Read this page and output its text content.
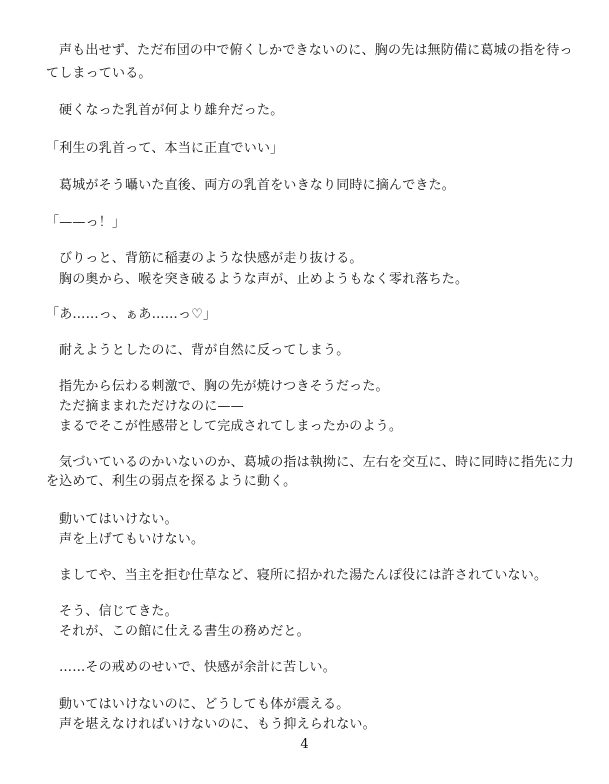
声も出せず、ただ布団の中で俯くしかできないのに、胸の先は無防備に葛城の指を待っ
てしまっている。
硬くなった乳首が何より雄弁だった。
「利生の乳首って、本当に正直でいい」
葛城がそう囁いた直後、両方の乳首をいきなり同時に摘んできた。
「——っ！」
びりっと、背筋に稲妻のような快感が走り抜ける。
胸の奥から、喉を突き破るような声が、止めようもなく零れ落ちた。
「あ……っ、ぁあ……っ♡」
耐えようとしたのに、背が自然に反ってしまう。
指先から伝わる刺激で、胸の先が焼けつきそうだった。
ただ摘ままれただけなのに——
まるでそこが性感帯として完成されてしまったかのよう。
気づいているのかいないのか、葛城の指は執拗に、左右を交互に、時に同時に指先に力
を込めて、利生の弱点を探るように動く。
動いてはいけない。
声を上げてもいけない。
ましてや、当主を拒む仕草など、寝所に招かれた湯たんぽ役には許されていない。
そう、信じてきた。
それが、この館に仕える書生の務めだと。
……その戒めのせいで、快感が余計に苦しい。
動いてはいけないのに、どうしても体が震える。
声を堪えなければいけないのに、もう抑えられない。
4
